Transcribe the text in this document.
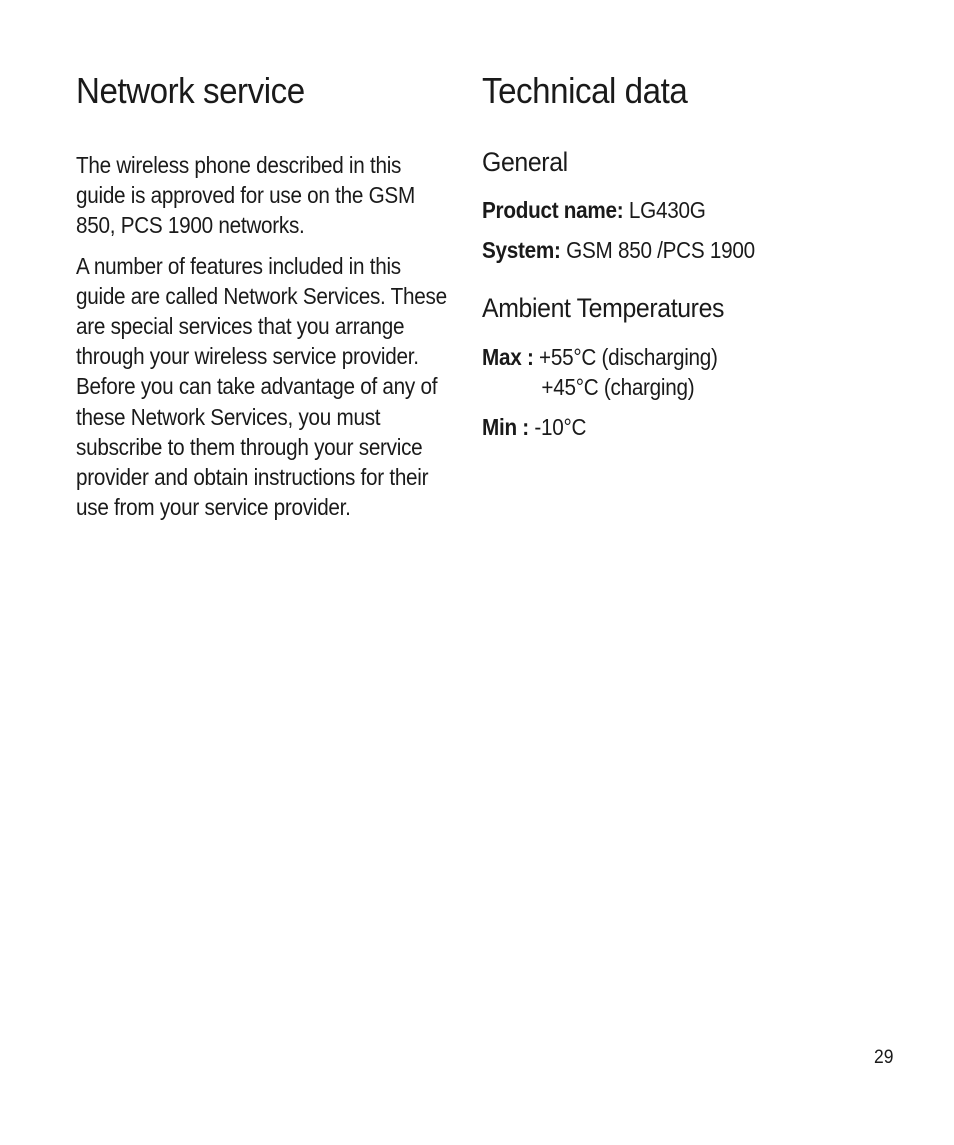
Network service

The wireless phone described in this guide is approved for use on the GSM 850, PCS 1900 networks.

A number of features included in this guide are called Network Services. These are special services that you arrange through your wireless service provider. Before you can take advantage of any of these Network Services, you must subscribe to them through your service provider and obtain instructions for their use from your service provider.

Technical data
General
Product name: LG430G
System: GSM 850 /PCS 1900
Ambient Temperatures
Max : +55°C (discharging)
+45°C (charging)
Min : -10°C
29
